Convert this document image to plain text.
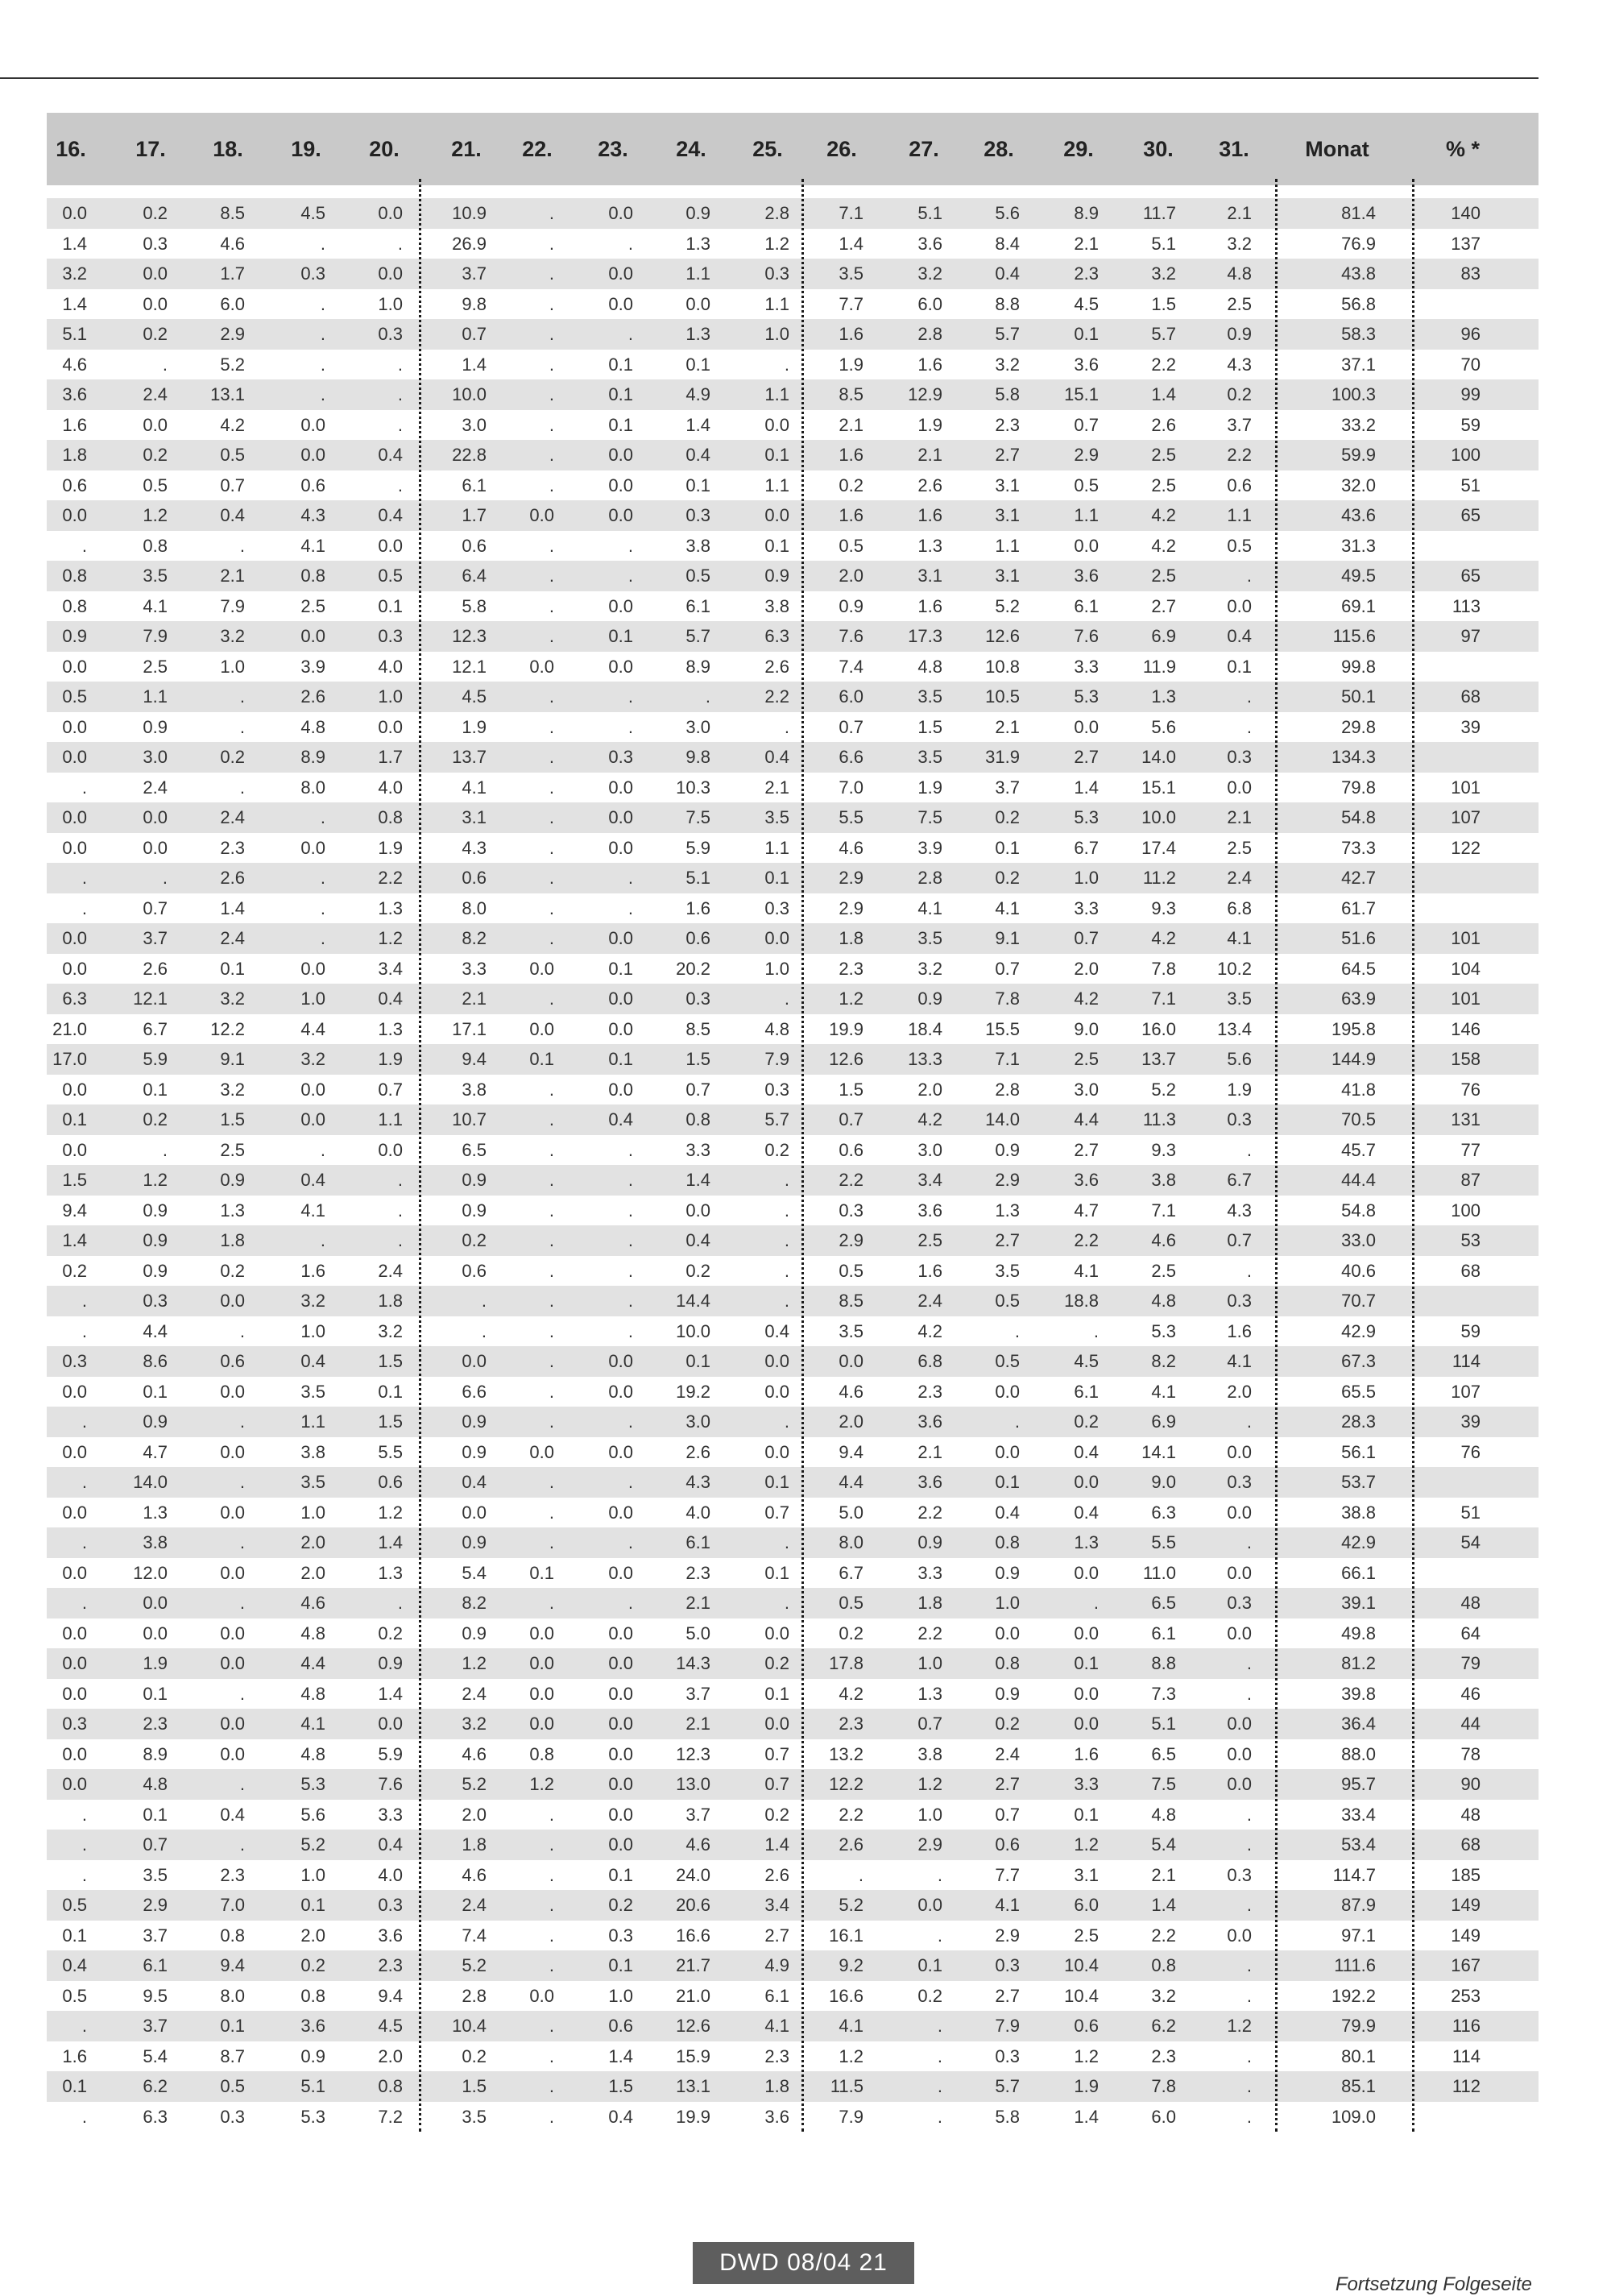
16.	17.	18.	19.	20.	21.	22.	23.	24.	25.	26.	27.	28.	29.	30.	31.	Monat	% *
0.0	0.2	8.5	4.5	0.0	10.9	.	0.0	0.9	2.8	7.1	5.1	5.6	8.9	11.7	2.1	81.4	140
1.4	0.3	4.6	.	.	26.9	.	.	1.3	1.2	1.4	3.6	8.4	2.1	5.1	3.2	76.9	137
3.2	0.0	1.7	0.3	0.0	3.7	.	0.0	1.1	0.3	3.5	3.2	0.4	2.3	3.2	4.8	43.8	83
1.4	0.0	6.0	.	1.0	9.8	.	0.0	0.0	1.1	7.7	6.0	8.8	4.5	1.5	2.5	56.8
5.1	0.2	2.9	.	0.3	0.7	.	.	1.3	1.0	1.6	2.8	5.7	0.1	5.7	0.9	58.3	96
4.6	.	5.2	.	.	1.4	.	0.1	0.1	.	1.9	1.6	3.2	3.6	2.2	4.3	37.1	70
3.6	2.4	13.1	.	.	10.0	.	0.1	4.9	1.1	8.5	12.9	5.8	15.1	1.4	0.2	100.3	99
1.6	0.0	4.2	0.0	.	3.0	.	0.1	1.4	0.0	2.1	1.9	2.3	0.7	2.6	3.7	33.2	59
1.8	0.2	0.5	0.0	0.4	22.8	.	0.0	0.4	0.1	1.6	2.1	2.7	2.9	2.5	2.2	59.9	100
0.6	0.5	0.7	0.6	.	6.1	.	0.0	0.1	1.1	0.2	2.6	3.1	0.5	2.5	0.6	32.0	51
0.0	1.2	0.4	4.3	0.4	1.7	0.0	0.0	0.3	0.0	1.6	1.6	3.1	1.1	4.2	1.1	43.6	65
.	0.8	.	4.1	0.0	0.6	.	.	3.8	0.1	0.5	1.3	1.1	0.0	4.2	0.5	31.3
0.8	3.5	2.1	0.8	0.5	6.4	.	.	0.5	0.9	2.0	3.1	3.1	3.6	2.5	.	49.5	65
0.8	4.1	7.9	2.5	0.1	5.8	.	0.0	6.1	3.8	0.9	1.6	5.2	6.1	2.7	0.0	69.1	113
0.9	7.9	3.2	0.0	0.3	12.3	.	0.1	5.7	6.3	7.6	17.3	12.6	7.6	6.9	0.4	115.6	97
0.0	2.5	1.0	3.9	4.0	12.1	0.0	0.0	8.9	2.6	7.4	4.8	10.8	3.3	11.9	0.1	99.8
0.5	1.1	.	2.6	1.0	4.5	.	.	.	2.2	6.0	3.5	10.5	5.3	1.3	.	50.1	68
0.0	0.9	.	4.8	0.0	1.9	.	.	3.0	.	0.7	1.5	2.1	0.0	5.6	.	29.8	39
0.0	3.0	0.2	8.9	1.7	13.7	.	0.3	9.8	0.4	6.6	3.5	31.9	2.7	14.0	0.3	134.3
.	2.4	.	8.0	4.0	4.1	.	0.0	10.3	2.1	7.0	1.9	3.7	1.4	15.1	0.0	79.8	101
0.0	0.0	2.4	.	0.8	3.1	.	0.0	7.5	3.5	5.5	7.5	0.2	5.3	10.0	2.1	54.8	107
0.0	0.0	2.3	0.0	1.9	4.3	.	0.0	5.9	1.1	4.6	3.9	0.1	6.7	17.4	2.5	73.3	122
.	.	2.6	.	2.2	0.6	.	.	5.1	0.1	2.9	2.8	0.2	1.0	11.2	2.4	42.7
.	0.7	1.4	.	1.3	8.0	.	.	1.6	0.3	2.9	4.1	4.1	3.3	9.3	6.8	61.7
0.0	3.7	2.4	.	1.2	8.2	.	0.0	0.6	0.0	1.8	3.5	9.1	0.7	4.2	4.1	51.6	101
0.0	2.6	0.1	0.0	3.4	3.3	0.0	0.1	20.2	1.0	2.3	3.2	0.7	2.0	7.8	10.2	64.5	104
6.3	12.1	3.2	1.0	0.4	2.1	.	0.0	0.3	.	1.2	0.9	7.8	4.2	7.1	3.5	63.9	101
21.0	6.7	12.2	4.4	1.3	17.1	0.0	0.0	8.5	4.8	19.9	18.4	15.5	9.0	16.0	13.4	195.8	146
17.0	5.9	9.1	3.2	1.9	9.4	0.1	0.1	1.5	7.9	12.6	13.3	7.1	2.5	13.7	5.6	144.9	158
0.0	0.1	3.2	0.0	0.7	3.8	.	0.0	0.7	0.3	1.5	2.0	2.8	3.0	5.2	1.9	41.8	76
0.1	0.2	1.5	0.0	1.1	10.7	.	0.4	0.8	5.7	0.7	4.2	14.0	4.4	11.3	0.3	70.5	131
0.0	.	2.5	.	0.0	6.5	.	.	3.3	0.2	0.6	3.0	0.9	2.7	9.3	.	45.7	77
1.5	1.2	0.9	0.4	.	0.9	.	.	1.4	.	2.2	3.4	2.9	3.6	3.8	6.7	44.4	87
9.4	0.9	1.3	4.1	.	0.9	.	.	0.0	.	0.3	3.6	1.3	4.7	7.1	4.3	54.8	100
1.4	0.9	1.8	.	.	0.2	.	.	0.4	.	2.9	2.5	2.7	2.2	4.6	0.7	33.0	53
0.2	0.9	0.2	1.6	2.4	0.6	.	.	0.2	.	0.5	1.6	3.5	4.1	2.5	.	40.6	68
.	0.3	0.0	3.2	1.8	.	.	.	14.4	.	8.5	2.4	0.5	18.8	4.8	0.3	70.7
.	4.4	.	1.0	3.2	.	.	.	10.0	0.4	3.5	4.2	.	.	5.3	1.6	42.9	59
0.3	8.6	0.6	0.4	1.5	0.0	.	0.0	0.1	0.0	0.0	6.8	0.5	4.5	8.2	4.1	67.3	114
0.0	0.1	0.0	3.5	0.1	6.6	.	0.0	19.2	0.0	4.6	2.3	0.0	6.1	4.1	2.0	65.5	107
.	0.9	.	1.1	1.5	0.9	.	.	3.0	.	2.0	3.6	.	0.2	6.9	.	28.3	39
0.0	4.7	0.0	3.8	5.5	0.9	0.0	0.0	2.6	0.0	9.4	2.1	0.0	0.4	14.1	0.0	56.1	76
.	14.0	.	3.5	0.6	0.4	.	.	4.3	0.1	4.4	3.6	0.1	0.0	9.0	0.3	53.7
0.0	1.3	0.0	1.0	1.2	0.0	.	0.0	4.0	0.7	5.0	2.2	0.4	0.4	6.3	0.0	38.8	51
.	3.8	.	2.0	1.4	0.9	.	.	6.1	.	8.0	0.9	0.8	1.3	5.5	.	42.9	54
0.0	12.0	0.0	2.0	1.3	5.4	0.1	0.0	2.3	0.1	6.7	3.3	0.9	0.0	11.0	0.0	66.1
.	0.0	.	4.6	.	8.2	.	.	2.1	.	0.5	1.8	1.0	.	6.5	0.3	39.1	48
0.0	0.0	0.0	4.8	0.2	0.9	0.0	0.0	5.0	0.0	0.2	2.2	0.0	0.0	6.1	0.0	49.8	64
0.0	1.9	0.0	4.4	0.9	1.2	0.0	0.0	14.3	0.2	17.8	1.0	0.8	0.1	8.8	.	81.2	79
0.0	0.1	.	4.8	1.4	2.4	0.0	0.0	3.7	0.1	4.2	1.3	0.9	0.0	7.3	.	39.8	46
0.3	2.3	0.0	4.1	0.0	3.2	0.0	0.0	2.1	0.0	2.3	0.7	0.2	0.0	5.1	0.0	36.4	44
0.0	8.9	0.0	4.8	5.9	4.6	0.8	0.0	12.3	0.7	13.2	3.8	2.4	1.6	6.5	0.0	88.0	78
0.0	4.8	.	5.3	7.6	5.2	1.2	0.0	13.0	0.7	12.2	1.2	2.7	3.3	7.5	0.0	95.7	90
.	0.1	0.4	5.6	3.3	2.0	.	0.0	3.7	0.2	2.2	1.0	0.7	0.1	4.8	.	33.4	48
.	0.7	.	5.2	0.4	1.8	.	0.0	4.6	1.4	2.6	2.9	0.6	1.2	5.4	.	53.4	68
.	3.5	2.3	1.0	4.0	4.6	.	0.1	24.0	2.6	.	.	7.7	3.1	2.1	0.3	114.7	185
0.5	2.9	7.0	0.1	0.3	2.4	.	0.2	20.6	3.4	5.2	0.0	4.1	6.0	1.4	.	87.9	149
0.1	3.7	0.8	2.0	3.6	7.4	.	0.3	16.6	2.7	16.1	.	2.9	2.5	2.2	0.0	97.1	149
0.4	6.1	9.4	0.2	2.3	5.2	.	0.1	21.7	4.9	9.2	0.1	0.3	10.4	0.8	.	111.6	167
0.5	9.5	8.0	0.8	9.4	2.8	0.0	1.0	21.0	6.1	16.6	0.2	2.7	10.4	3.2	.	192.2	253
.	3.7	0.1	3.6	4.5	10.4	.	0.6	12.6	4.1	4.1	.	7.9	0.6	6.2	1.2	79.9	116
1.6	5.4	8.7	0.9	2.0	0.2	.	1.4	15.9	2.3	1.2	.	0.3	1.2	2.3	.	80.1	114
0.1	6.2	0.5	5.1	0.8	1.5	.	1.5	13.1	1.8	11.5	.	5.7	1.9	7.8	.	85.1	112
.	6.3	0.3	5.3	7.2	3.5	.	0.4	19.9	3.6	7.9	.	5.8	1.4	6.0	.	109.0
DWD 08/04 21
Fortsetzung Folgeseite
